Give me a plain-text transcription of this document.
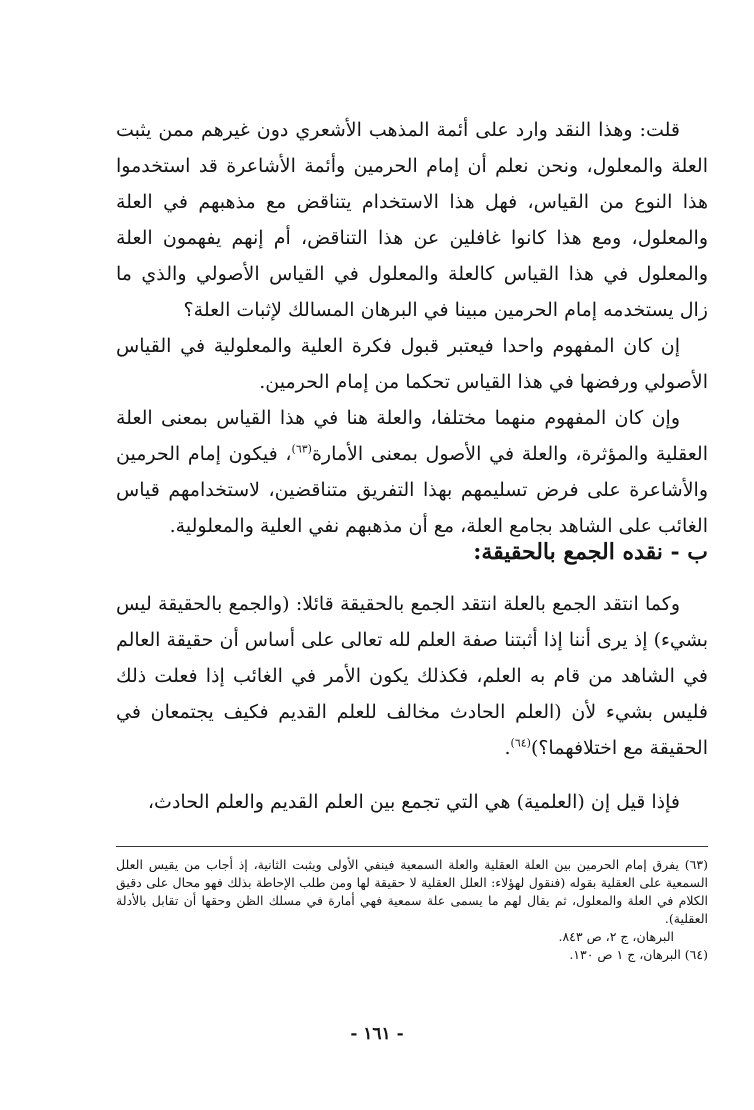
قلت: وهذا النقد وارد على أئمة المذهب الأشعري دون غيرهم ممن يثبت العلة والمعلول، ونحن نعلم أن إمام الحرمين وأئمة الأشاعرة قد استخدموا هذا النوع من القياس، فهل هذا الاستخدام يتناقض مع مذهبهم في العلة والمعلول، ومع هذا كانوا غافلين عن هذا التناقض، أم إنهم يفهمون العلة والمعلول في هذا القياس كالعلة والمعلول في القياس الأصولي والذي ما زال يستخدمه إمام الحرمين مبينا في البرهان المسالك لإثبات العلة؟

إن كان المفهوم واحدا فيعتبر قبول فكرة العلية والمعلولية في القياس الأصولي ورفضها في هذا القياس تحكما من إمام الحرمين.

وإن كان المفهوم منهما مختلفا، والعلة هنا في هذا القياس بمعنى العلة العقلية والمؤثرة، والعلة في الأصول بمعنى الأمارة$^{(٦٣)}$، فيكون إمام الحرمين والأشاعرة على فرض تسليمهم بهذا التفريق متناقضين، لاستخدامهم قياس الغائب على الشاهد بجامع العلة، مع أن مذهبهم نفي العلية والمعلولية.

ب - نقده الجمع بالحقيقة:

وكما انتقد الجمع بالعلة انتقد الجمع بالحقيقة قائلا: (والجمع بالحقيقة ليس بشيء) إذ يرى أننا إذا أثبتنا صفة العلم لله تعالى على أساس أن حقيقة العالم في الشاهد من قام به العلم، فكذلك يكون الأمر في الغائب إذا فعلت ذلك فليس بشيء لأن (العلم الحادث مخالف للعلم القديم فكيف يجتمعان في الحقيقة مع اختلافهما؟)$^{(٦٤)}$.

فإذا قيل إن (العلمية) هي التي تجمع بين العلم القديم والعلم الحادث،

(٦٣) يفرق إمام الحرمين بين العلة العقلية والعلة السمعية فينفي الأولى ويثبت الثانية، إذ أجاب من يقيس العلل السمعية على العقلية بقوله (فنقول لهؤلاء: العلل العقلية لا حقيقة لها ومن طلب الإحاطة بذلك فهو محال على دقيق الكلام في العلة والمعلول، ثم يقال لهم ما يسمى علة سمعية فهي أمارة في مسلك الظن وحقها أن تقابل بالأدلة العقلية).

البرهان، ج ٢، ص ٨٤٣.

(٦٤) البرهان، ج ١ ص ١٣٠.

- ١٦١ -
